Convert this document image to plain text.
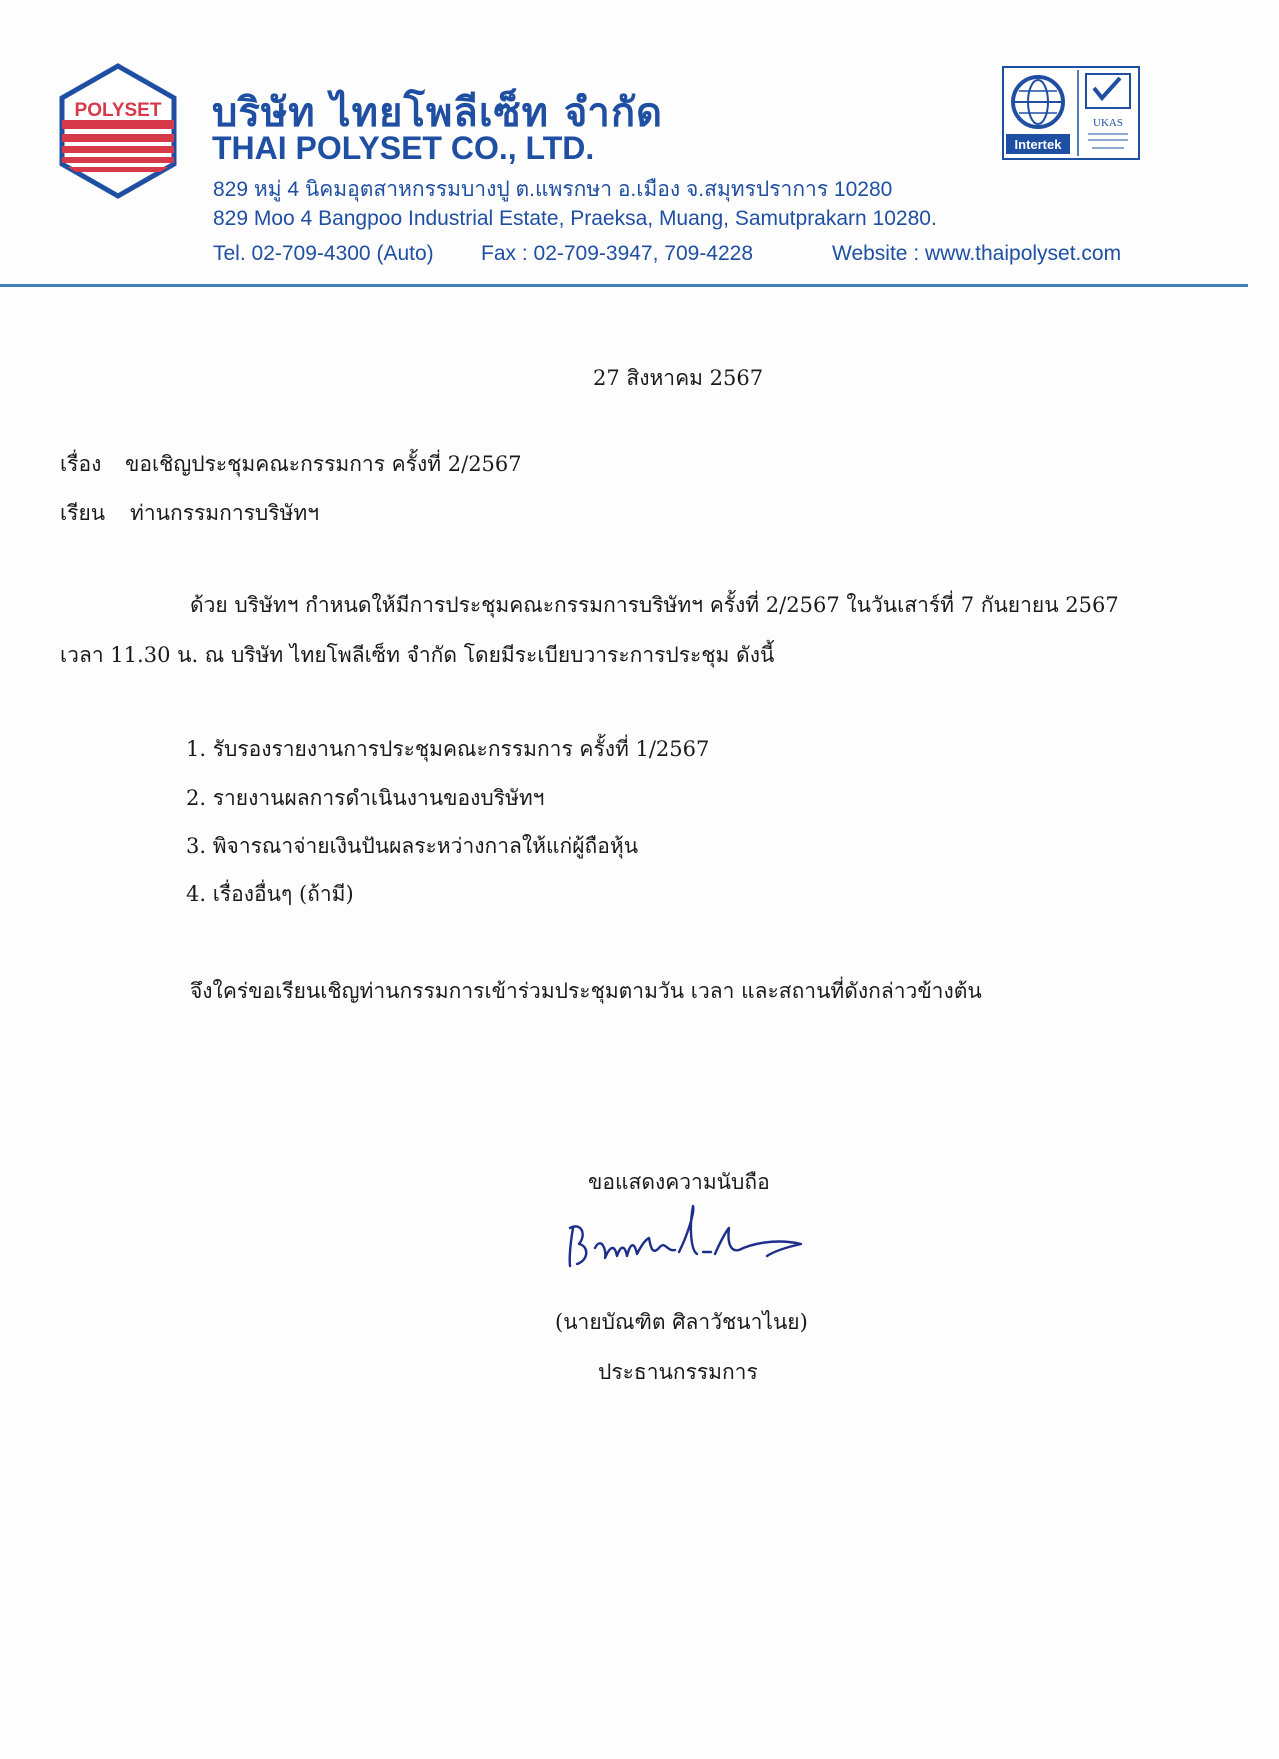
POLYSET บริษัท ไทยโพลีเซ็ท จำกัด
THAI POLYSET CO., LTD.
829 หมู่ 4 นิคมอุตสาหกรรมบางปู ต.แพรกษา อ.เมือง จ.สมุทรปราการ 10280
829 Moo 4 Bangpoo Industrial Estate, Praeksa, Muang, Samutprakarn 10280.
Tel. 02-709-4300 (Auto) Fax : 02-709-3947, 709-4228	Website : www.thaipolyset.com
Intertek
UKAS
27 สิงหาคม 2567
เรื่อง ขอเชิญประชุมคณะกรรมการ ครั้งที่ 2/2567
เรียน ท่านกรรมการบริษัทฯ
ด้วย บริษัทฯ กำหนดให้มีการประชุมคณะกรรมการบริษัทฯ ครั้งที่ 2/2567 ในวันเสาร์ที่ 7 กันยายน 2567
เวลา 11.30 น. ณ บริษัท ไทยโพลีเซ็ท จำกัด โดยมีระเบียบวาระการประชุม ดังนี้
1. รับรองรายงานการประชุมคณะกรรมการ ครั้งที่ 1/2567
2. รายงานผลการดำเนินงานของบริษัทฯ
3. พิจารณาจ่ายเงินปันผลระหว่างกาลให้แก่ผู้ถือหุ้น
4. เรื่องอื่นๆ (ถ้ามี)
จึงใคร่ขอเรียนเชิญท่านกรรมการเข้าร่วมประชุมตามวัน เวลา และสถานที่ดังกล่าวข้างต้น
ขอแสดงความนับถือ
(นายบัณฑิต ศิลาวัชนาไนย)
ประธานกรรมการ
